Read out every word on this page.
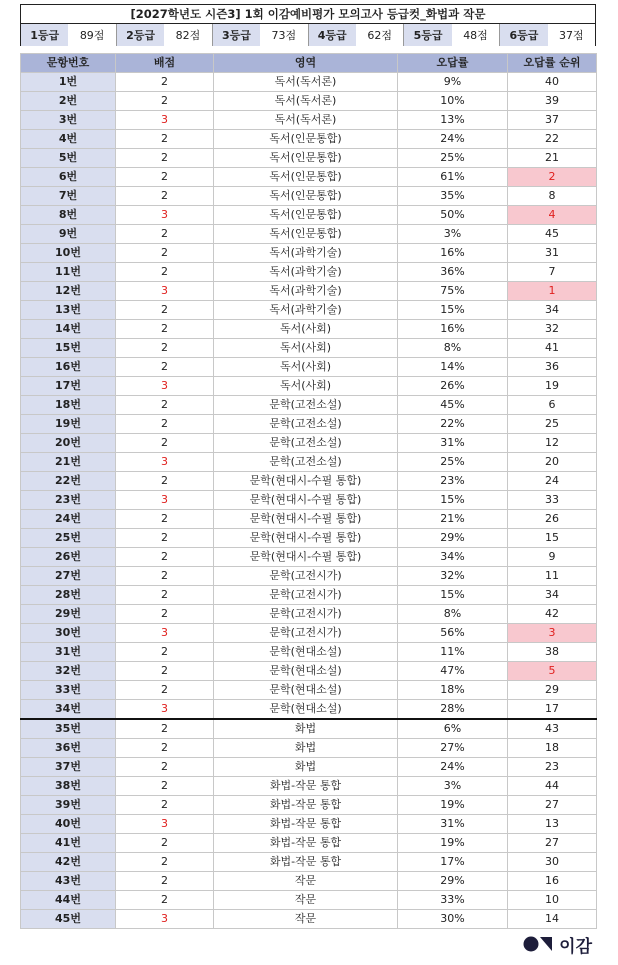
[2027학년도 시즌3] 1회 이감예비평가 모의고사 등급컷_화법과 작문
1등급	89점	2등급	82점	3등급	73점	4등급	62점	5등급	48점	6등급	37점
문항번호	배점	영역	오답률	오답률 순위
1번	2	독서(독서론)	9%	40
2번	2	독서(독서론)	10%	39
3번	3	독서(독서론)	13%	37
4번	2	독서(인문통합)	24%	22
5번	2	독서(인문통합)	25%	21
6번	2	독서(인문통합)	61%	2
7번	2	독서(인문통합)	35%	8
8번	3	독서(인문통합)	50%	4
9번	2	독서(인문통합)	3%	45
10번	2	독서(과학기술)	16%	31
11번	2	독서(과학기술)	36%	7
12번	3	독서(과학기술)	75%	1
13번	2	독서(과학기술)	15%	34
14번	2	독서(사회)	16%	32
15번	2	독서(사회)	8%	41
16번	2	독서(사회)	14%	36
17번	3	독서(사회)	26%	19
18번	2	문학(고전소설)	45%	6
19번	2	문학(고전소설)	22%	25
20번	2	문학(고전소설)	31%	12
21번	3	문학(고전소설)	25%	20
22번	2	문학(현대시-수필 통합)	23%	24
23번	3	문학(현대시-수필 통합)	15%	33
24번	2	문학(현대시-수필 통합)	21%	26
25번	2	문학(현대시-수필 통합)	29%	15
26번	2	문학(현대시-수필 통합)	34%	9
27번	2	문학(고전시가)	32%	11
28번	2	문학(고전시가)	15%	34
29번	2	문학(고전시가)	8%	42
30번	3	문학(고전시가)	56%	3
31번	2	문학(현대소설)	11%	38
32번	2	문학(현대소설)	47%	5
33번	2	문학(현대소설)	18%	29
34번	3	문학(현대소설)	28%	17
35번	2	화법	6%	43
36번	2	화법	27%	18
37번	2	화법	24%	23
38번	2	화법-작문 통합	3%	44
39번	2	화법-작문 통합	19%	27
40번	3	화법-작문 통합	31%	13
41번	2	화법-작문 통합	19%	27
42번	2	화법-작문 통합	17%	30
43번	2	작문	29%	16
44번	2	작문	33%	10
45번	3	작문	30%	14
이감
